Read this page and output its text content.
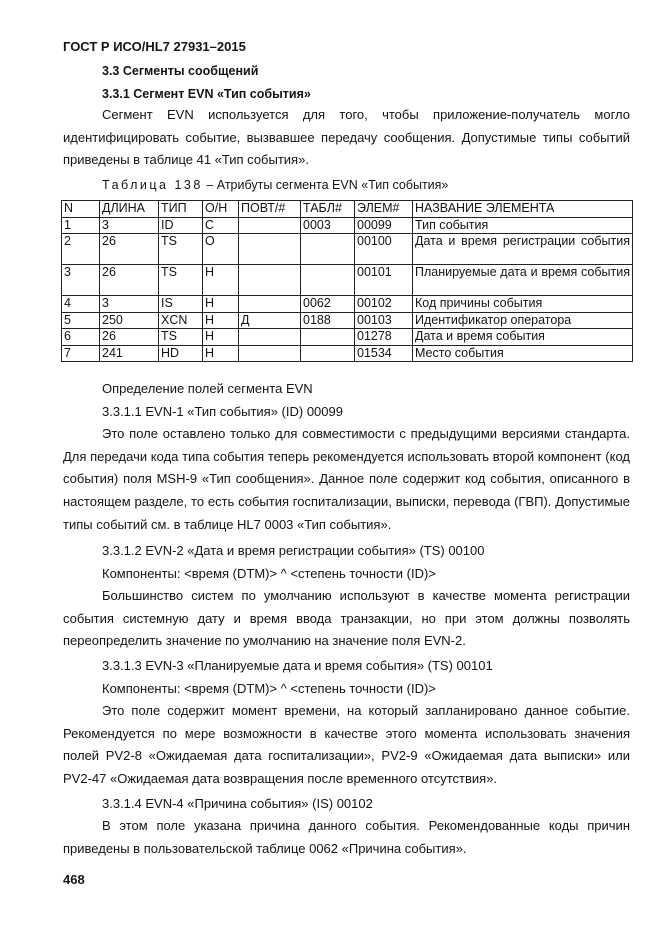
ГОСТ Р ИСО/HL7 27931–2015
3.3 Сегменты сообщений
3.3.1 Сегмент EVN «Тип события»

Сегмент EVN используется для того, чтобы приложение-получатель могло идентифицировать событие, вызвавшее передачу сообщения. Допустимые типы событий приведены в таблице 41 «Тип события».

Таблица 138 – Атрибуты сегмента EVN «Тип события»
N	ДЛИНА	ТИП	О/Н	ПОВТ/#	ТАБЛ#	ЭЛЕМ#	НАЗВАНИЕ ЭЛЕМЕНТА
1	3	ID	С		0003	00099	Тип события
2	26	TS	О			00100	Дата и время регистрации события
3	26	TS	Н			00101	Планируемые дата и время события
4	3	IS	Н		0062	00102	Код причины события
5	250	XCN	Н	Д	0188	00103	Идентификатор оператора
6	26	TS	Н			01278	Дата и время события
7	241	HD	Н			01534	Место события
Определение полей сегмента EVN
3.3.1.1 EVN-1 «Тип события» (ID) 00099

Это поле оставлено только для совместимости с предыдущими версиями стандарта. Для передачи кода типа события теперь рекомендуется использовать второй компонент (код события) поля MSH-9 «Тип сообщения». Данное поле содержит код события, описанного в настоящем разделе, то есть события госпитализации, выписки, перевода (ГВП). Допустимые типы событий см. в таблице HL7 0003 «Тип события».

3.3.1.2 EVN-2 «Дата и время регистрации события» (TS) 00100
Компоненты: <время (DTM)> ^ <степень точности (ID)>

Большинство систем по умолчанию используют в качестве момента регистрации события системную дату и время ввода транзакции, но при этом должны позволять переопределить значение по умолчанию на значение поля EVN-2.

3.3.1.3 EVN-3 «Планируемые дата и время события» (TS) 00101
Компоненты: <время (DTM)> ^ <степень точности (ID)>

Это поле содержит момент времени, на который запланировано данное событие. Рекомендуется по мере возможности в качестве этого момента использовать значения полей PV2-8 «Ожидаемая дата госпитализации», PV2-9 «Ожидаемая дата выписки» или PV2-47 «Ожидаемая дата возвращения после временного отсутствия».

3.3.1.4 EVN-4 «Причина события» (IS) 00102

В этом поле указана причина данного события. Рекомендованные коды причин приведены в пользовательской таблице 0062 «Причина события».

468
